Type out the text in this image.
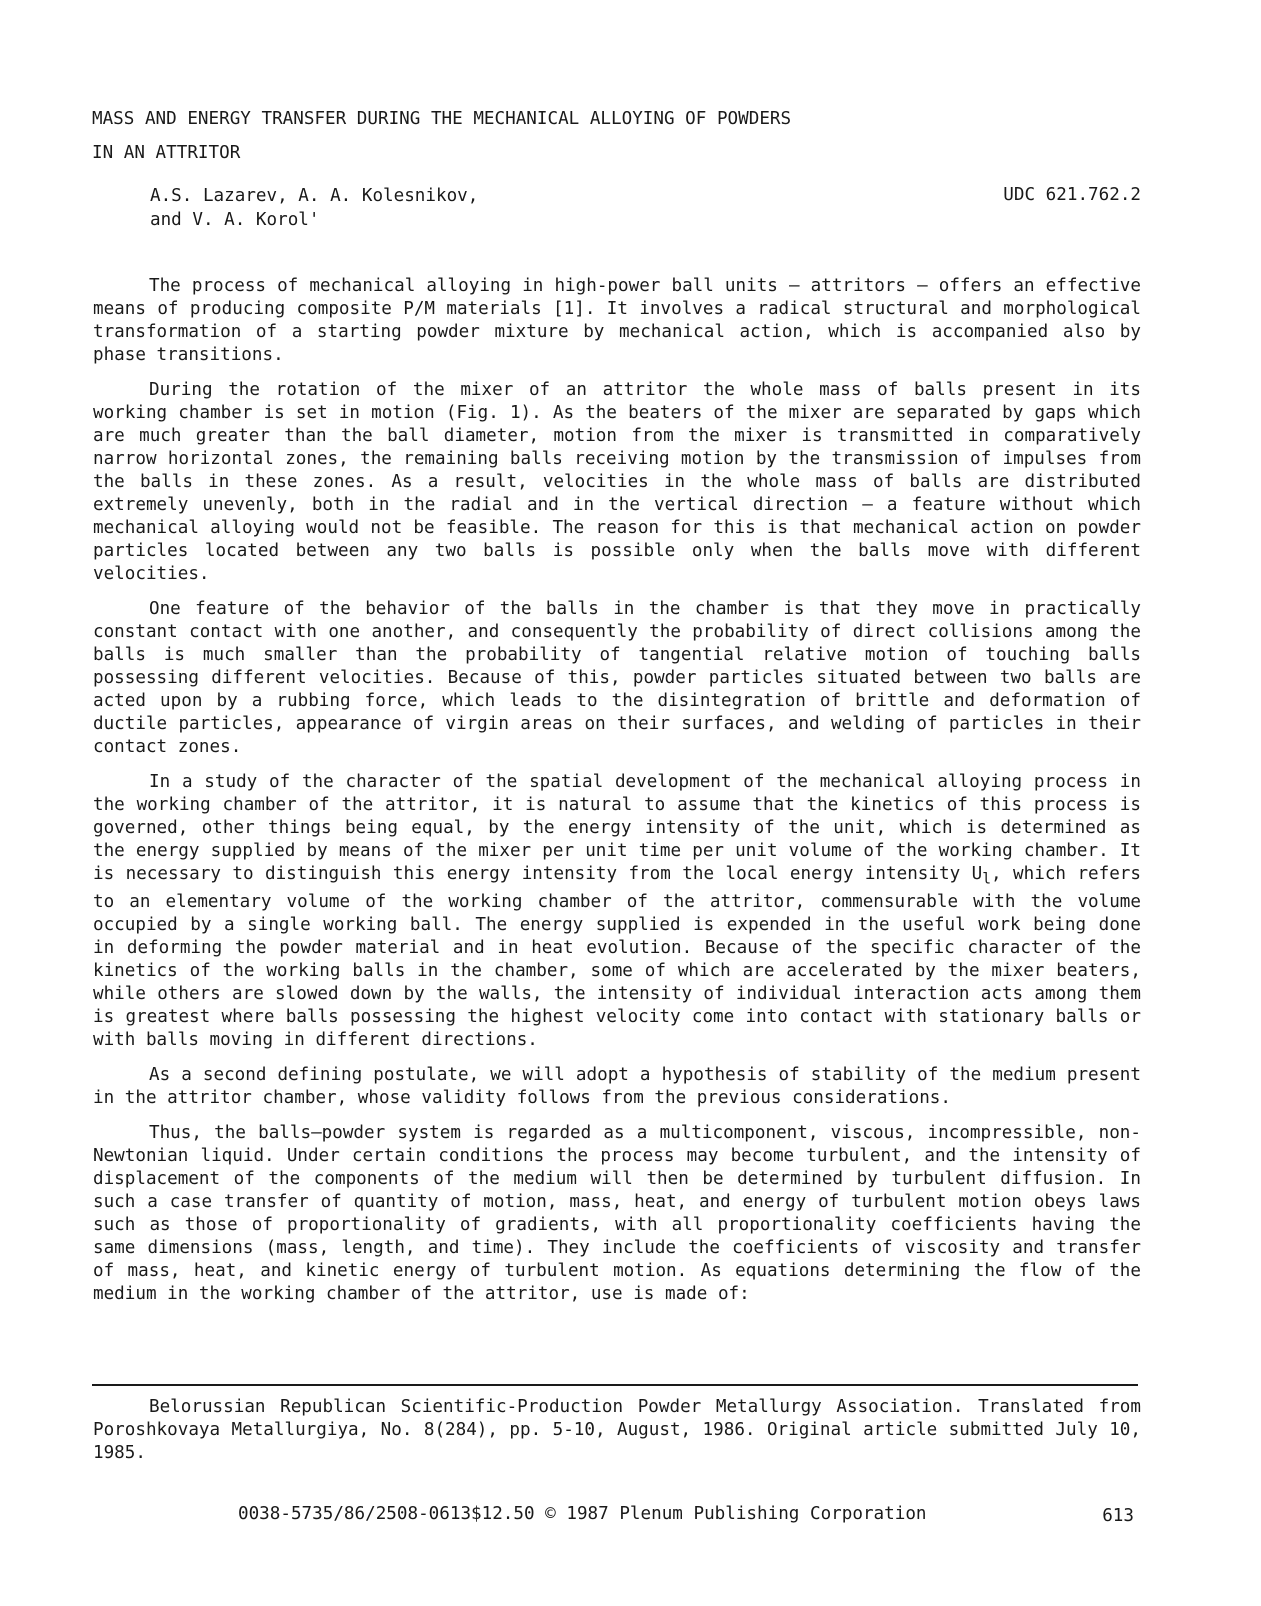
MASS AND ENERGY TRANSFER DURING THE MECHANICAL ALLOYING OF POWDERS
IN AN ATTRITOR
A.S. Lazarev, A. A. Kolesnikov,
and V. A. Korol'
UDC 621.762.2

The process of mechanical alloying in high-power ball units — attritors — offers an effective means of producing composite P/M materials [1]. It involves a radical structural and morphological transformation of a starting powder mixture by mechanical action, which is accompanied also by phase transitions.

During the rotation of the mixer of an attritor the whole mass of balls present in its working chamber is set in motion (Fig. 1). As the beaters of the mixer are separated by gaps which are much greater than the ball diameter, motion from the mixer is transmitted in comparatively narrow horizontal zones, the remaining balls receiving motion by the transmission of impulses from the balls in these zones. As a result, velocities in the whole mass of balls are distributed extremely unevenly, both in the radial and in the vertical direction — a feature without which mechanical alloying would not be feasible. The reason for this is that mechanical action on powder particles located between any two balls is possible only when the balls move with different velocities.

One feature of the behavior of the balls in the chamber is that they move in practically constant contact with one another, and consequently the probability of direct collisions among the balls is much smaller than the probability of tangential relative motion of touching balls possessing different velocities. Because of this, powder particles situated between two balls are acted upon by a rubbing force, which leads to the disintegration of brittle and deformation of ductile particles, appearance of virgin areas on their surfaces, and welding of particles in their contact zones.

In a study of the character of the spatial development of the mechanical alloying process in the working chamber of the attritor, it is natural to assume that the kinetics of this process is governed, other things being equal, by the energy intensity of the unit, which is determined as the energy supplied by means of the mixer per unit time per unit volume of the working chamber. It is necessary to distinguish this energy intensity from the local energy intensity $U_l$, which refers to an elementary volume of the working chamber of the attritor, commensurable with the volume occupied by a single working ball. The energy supplied is expended in the useful work being done in deforming the powder material and in heat evolution. Because of the specific character of the kinetics of the working balls in the chamber, some of which are accelerated by the mixer beaters, while others are slowed down by the walls, the intensity of individual interaction acts among them is greatest where balls possessing the highest velocity come into contact with stationary balls or with balls moving in different directions.

As a second defining postulate, we will adopt a hypothesis of stability of the medium present in the attritor chamber, whose validity follows from the previous considerations.

Thus, the balls—powder system is regarded as a multicomponent, viscous, incompressible, non-Newtonian liquid. Under certain conditions the process may become turbulent, and the intensity of displacement of the components of the medium will then be determined by turbulent diffusion. In such a case transfer of quantity of motion, mass, heat, and energy of turbulent motion obeys laws such as those of proportionality of gradients, with all proportionality coefficients having the same dimensions (mass, length, and time). They include the coefficients of viscosity and transfer of mass, heat, and kinetic energy of turbulent motion. As equations determining the flow of the medium in the working chamber of the attritor, use is made of:

Belorussian Republican Scientific-Production Powder Metallurgy Association. Translated from Poroshkovaya Metallurgiya, No. 8(284), pp. 5-10, August, 1986. Original article submitted July 10, 1985.

0038-5735/86/2508-0613$12.50 © 1987 Plenum Publishing Corporation	613
